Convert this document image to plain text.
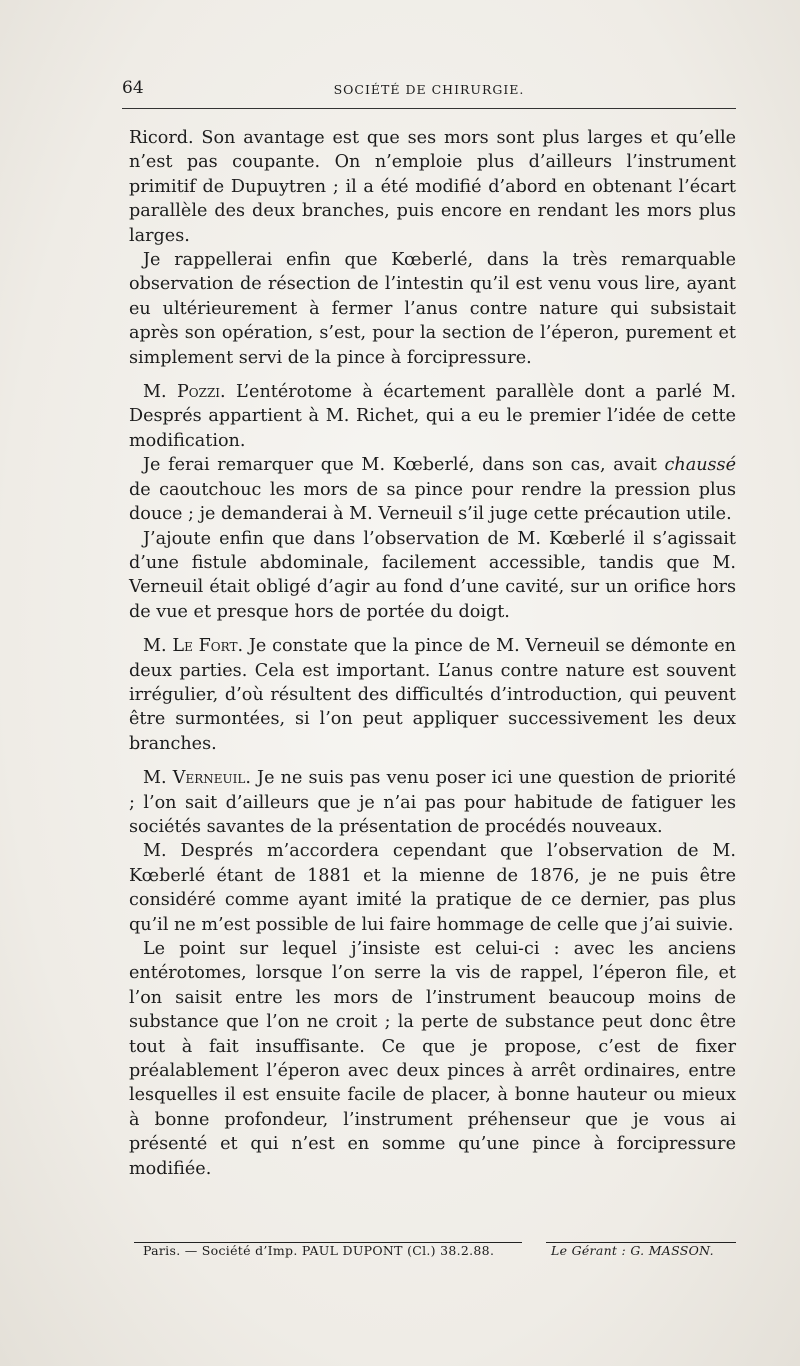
64	SOCIÉTÉ DE CHIRURGIE.

Ricord. Son avantage est que ses mors sont plus larges et qu’elle n’est pas coupante. On n’emploie plus d’ailleurs l’instrument primitif de Dupuytren ; il a été modifié d’abord en obtenant l’écart parallèle des deux branches, puis encore en rendant les mors plus larges.

Je rappellerai enfin que Kœberlé, dans la très remarquable observation de résection de l’intestin qu’il est venu vous lire, ayant eu ultérieurement à fermer l’anus contre nature qui subsistait après son opération, s’est, pour la section de l’éperon, purement et simplement servi de la pince à forcipressure.

M. Pozzi. L’entérotome à écartement parallèle dont a parlé M. Després appartient à M. Richet, qui a eu le premier l’idée de cette modification.

Je ferai remarquer que M. Kœberlé, dans son cas, avait chaussé de caoutchouc les mors de sa pince pour rendre la pression plus douce ; je demanderai à M. Verneuil s’il juge cette précaution utile.

J’ajoute enfin que dans l’observation de M. Kœberlé il s’agissait d’une fistule abdominale, facilement accessible, tandis que M. Verneuil était obligé d’agir au fond d’une cavité, sur un orifice hors de vue et presque hors de portée du doigt.

M. Le Fort. Je constate que la pince de M. Verneuil se démonte en deux parties. Cela est important. L’anus contre nature est souvent irrégulier, d’où résultent des difficultés d’introduction, qui peuvent être surmontées, si l’on peut appliquer successivement les deux branches.

M. Verneuil. Je ne suis pas venu poser ici une question de priorité ; l’on sait d’ailleurs que je n’ai pas pour habitude de fatiguer les sociétés savantes de la présentation de procédés nouveaux.

M. Després m’accordera cependant que l’observation de M. Kœberlé étant de 1881 et la mienne de 1876, je ne puis être considéré comme ayant imité la pratique de ce dernier, pas plus qu’il ne m’est possible de lui faire hommage de celle que j’ai suivie.

Le point sur lequel j’insiste est celui-ci : avec les anciens entérotomes, lorsque l’on serre la vis de rappel, l’éperon file, et l’on saisit entre les mors de l’instrument beaucoup moins de substance que l’on ne croit ; la perte de substance peut donc être tout à fait insuffisante. Ce que je propose, c’est de fixer préalablement l’éperon avec deux pinces à arrêt ordinaires, entre lesquelles il est ensuite facile de placer, à bonne hauteur ou mieux à bonne profondeur, l’instrument préhenseur que je vous ai présenté et qui n’est en somme qu’une pince à forcipressure modifiée.

Paris. — Société d’Imp. PAUL DUPONT (Cl.) 38.2.88.	Le Gérant : G. MASSON.
